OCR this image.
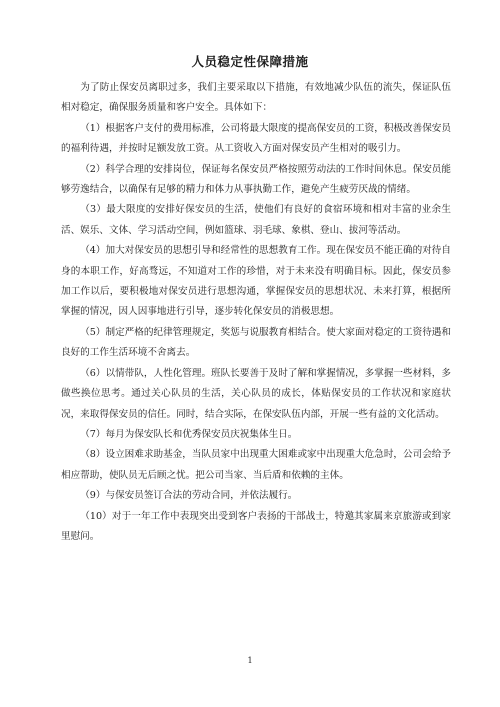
人员稳定性保障措施

为了防止保安员离职过多，我们主要采取以下措施，有效地减少队伍的流失，保证队伍相对稳定，确保服务质量和客户安全。具体如下：

（1）根据客户支付的费用标准，公司将最大限度的提高保安员的工资，积极改善保安员的福利待遇，并按时足额发放工资。从工资收入方面对保安员产生相对的吸引力。

（2）科学合理的安排岗位，保证每名保安员严格按照劳动法的工作时间休息。保安员能够劳逸结合，以确保有足够的精力和体力从事执勤工作，避免产生疲劳厌战的情绪。

（3）最大限度的安排好保安员的生活，使他们有良好的食宿环境和相对丰富的业余生活、娱乐、文体、学习活动空间，例如篮球、羽毛球、象棋、登山、拔河等活动。

（4）加大对保安员的思想引导和经常性的思想教育工作。现在保安员不能正确的对待自身的本职工作，好高骛远，不知道对工作的珍惜，对于未来没有明确目标。因此，保安员参加工作以后，要积极地对保安员进行思想沟通，掌握保安员的思想状况、未来打算，根据所掌握的情况，因人因事地进行引导，逐步转化保安员的消极思想。

（5）制定严格的纪律管理规定，奖惩与说服教育相结合。使大家面对稳定的工资待遇和良好的工作生活环境不舍离去。

（6）以情带队，人性化管理。班队长要善于及时了解和掌握情况，多掌握一些材料，多做些换位思考。通过关心队员的生活，关心队员的成长，体贴保安员的工作状况和家庭状况，来取得保安员的信任。同时，结合实际，在保安队伍内部，开展一些有益的文化活动。

（7）每月为保安队长和优秀保安员庆祝集体生日。

（8）设立困难求助基金，当队员家中出现重大困难或家中出现重大危急时，公司会给予相应帮助，使队员无后顾之忧。把公司当家、当后盾和依赖的主体。

（9）与保安员签订合法的劳动合同，并依法履行。

（10）对于一年工作中表现突出受到客户表扬的干部战士，特邀其家属来京旅游或到家里慰问。

1
